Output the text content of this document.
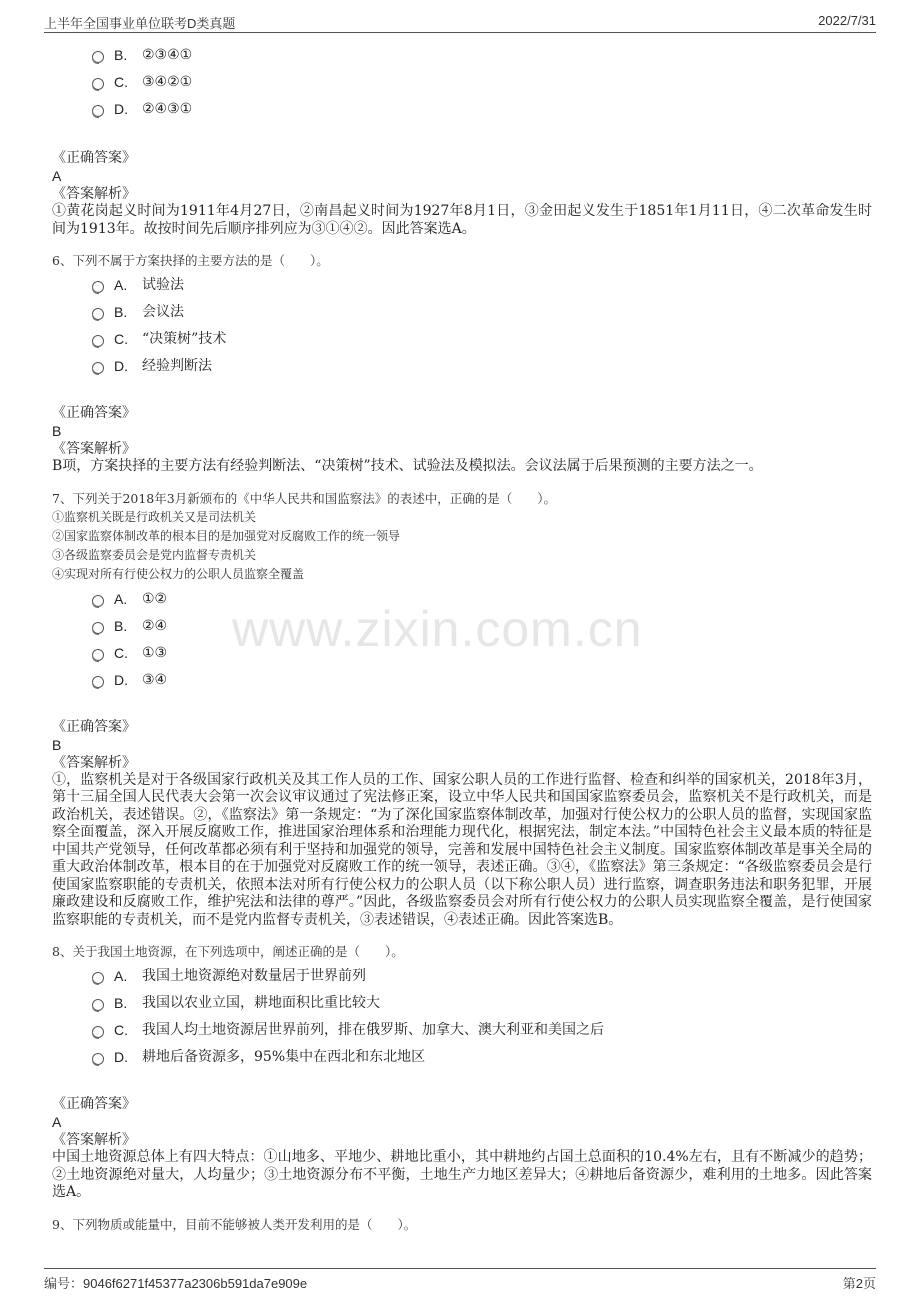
上半年全国事业单位联考D类真题	2022/7/31
www.zixin.com.cn
B. ②③④①
C. ③④②①
D. ②④③①
《正确答案》
A
《答案解析》

①黄花岗起义时间为1911年4月27日，②南昌起义时间为1927年8月1日，③金田起义发生于1851年1月11日，④二次革命发生时间为1913年。故按时间先后顺序排列应为③①④②。因此答案选A。

6、下列不属于方案抉择的主要方法的是（　　）。
A. 试验法
B. 会议法
C. “决策树”技术
D. 经验判断法
《正确答案》
B
《答案解析》

B项，方案抉择的主要方法有经验判断法、“决策树”技术、试验法及模拟法。会议法属于后果预测的主要方法之一。

7、下列关于2018年3月新颁布的《中华人民共和国监察法》的表述中，正确的是（　　）。
①监察机关既是行政机关又是司法机关
②国家监察体制改革的根本目的是加强党对反腐败工作的统一领导
③各级监察委员会是党内监督专责机关
④实现对所有行使公权力的公职人员监察全覆盖
A. ①②
B. ②④
C. ①③
D. ③④
《正确答案》
B
《答案解析》

①，监察机关是对于各级国家行政机关及其工作人员的工作、国家公职人员的工作进行监督、检查和纠举的国家机关，2018年3月，第十三届全国人民代表大会第一次会议审议通过了宪法修正案，设立中华人民共和国国家监察委员会，监察机关不是行政机关，而是政治机关，表述错误。②，《监察法》第一条规定：“为了深化国家监察体制改革，加强对行使公权力的公职人员的监督，实现国家监察全面覆盖，深入开展反腐败工作，推进国家治理体系和治理能力现代化，根据宪法，制定本法。”中国特色社会主义最本质的特征是中国共产党领导，任何改革都必须有利于坚持和加强党的领导，完善和发展中国特色社会主义制度。国家监察体制改革是事关全局的重大政治体制改革，根本目的在于加强党对反腐败工作的统一领导，表述正确。③④，《监察法》第三条规定：“各级监察委员会是行使国家监察职能的专责机关，依照本法对所有行使公权力的公职人员（以下称公职人员）进行监察，调查职务违法和职务犯罪，开展廉政建设和反腐败工作，维护宪法和法律的尊严。”因此，各级监察委员会对所有行使公权力的公职人员实现监察全覆盖，是行使国家监察职能的专责机关，而不是党内监督专责机关，③表述错误，④表述正确。因此答案选B。

8、关于我国土地资源，在下列选项中，阐述正确的是（　　）。
A. 我国土地资源绝对数量居于世界前列
B. 我国以农业立国，耕地面积比重比较大
C. 我国人均土地资源居世界前列，排在俄罗斯、加拿大、澳大利亚和美国之后
D. 耕地后备资源多，95%集中在西北和东北地区
《正确答案》
A
《答案解析》

中国土地资源总体上有四大特点：①山地多、平地少、耕地比重小，其中耕地约占国土总面积的10.4%左右，且有不断减少的趋势；②土地资源绝对量大，人均量少；③土地资源分布不平衡，土地生产力地区差异大；④耕地后备资源少，难利用的土地多。因此答案选A。

9、下列物质或能量中，目前不能够被人类开发利用的是（　　）。
编号：9046f6271f45377a2306b591da7e909e	第2页
